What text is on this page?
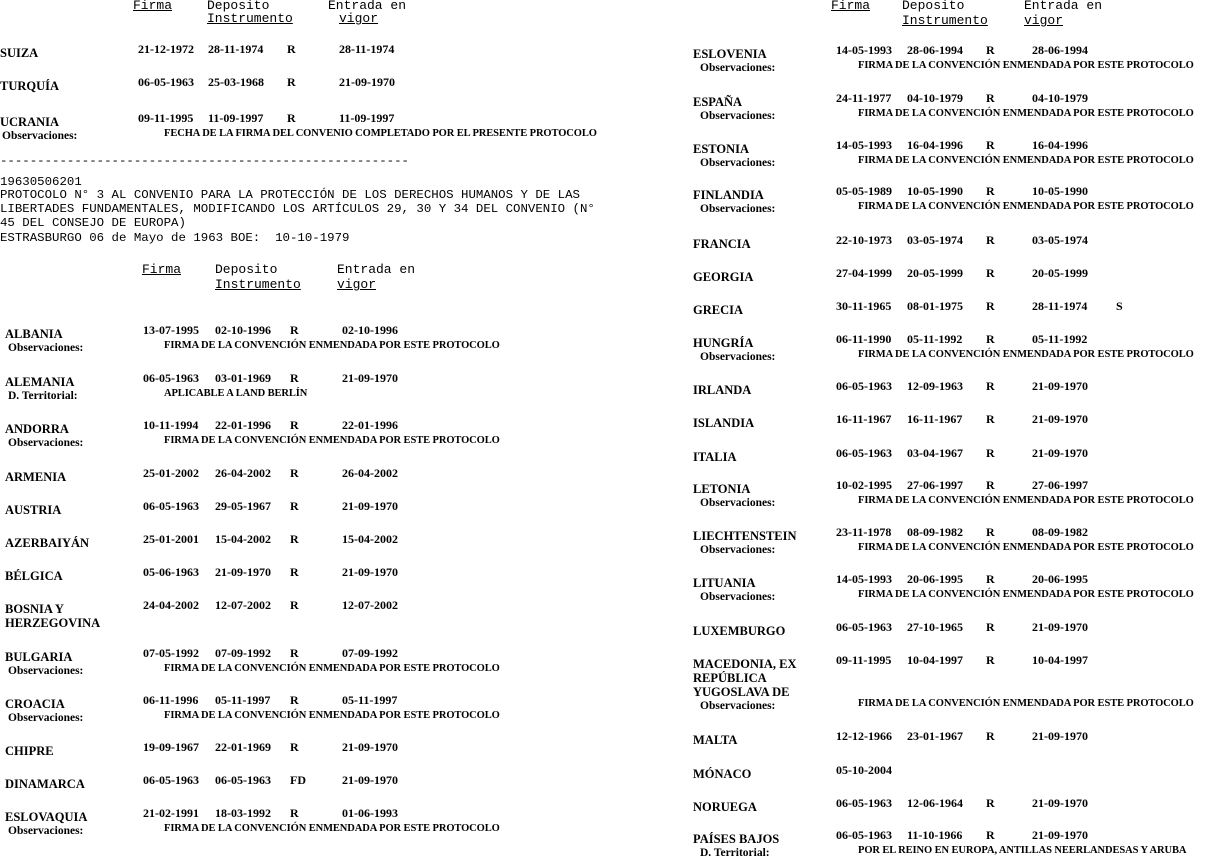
Firma	Deposito
Instrumento
Entrada en
vigor
SUIZA	21-12-1972 28-11-1974 R	28-11-1974
TURQUÍA	06-05-1963 25-03-1968 R	21-09-1970
UCRANIA	09-11-1995 11-09-1997 R	11-09-1997
Observaciones:	FECHA DE LA FIRMA DEL CONVENIO COMPLETADO POR EL PRESENTE PROTOCOLO
-------------------------------------------------------
19630506201
PROTOCOLO N° 3 AL CONVENIO PARA LA PROTECCIÓN DE LOS DERECHOS HUMANOS Y DE LAS
LIBERTADES FUNDAMENTALES, MODIFICANDO LOS ARTÍCULOS 29, 30 Y 34 DEL CONVENIO (N°
45 DEL CONSEJO DE EUROPA)
ESTRASBURGO 06 de Mayo de 1963 BOE:  10-10-1979
Firma	Deposito
Instrumento
Entrada en
vigor
ALBANIA	13-07-1995 02-10-1996 R	02-10-1996
Observaciones:	FIRMA DE LA CONVENCIÓN ENMENDADA POR ESTE PROTOCOLO
ALEMANIA	06-05-1963 03-01-1969 R	21-09-1970
D. Territorial:	APLICABLE A LAND BERLÍN
ANDORRA	10-11-1994 22-01-1996 R	22-01-1996
Observaciones:	FIRMA DE LA CONVENCIÓN ENMENDADA POR ESTE PROTOCOLO
ARMENIA	25-01-2002 26-04-2002 R	26-04-2002
AUSTRIA	06-05-1963 29-05-1967 R	21-09-1970
AZERBAIYÁN	25-01-2001 15-04-2002 R	15-04-2002
BÉLGICA	05-06-1963 21-09-1970 R	21-09-1970
BOSNIA Y
HERZEGOVINA
24-04-2002 12-07-2002 R	12-07-2002
BULGARIA	07-05-1992 07-09-1992 R	07-09-1992
Observaciones:	FIRMA DE LA CONVENCIÓN ENMENDADA POR ESTE PROTOCOLO
CROACIA	06-11-1996 05-11-1997 R	05-11-1997
Observaciones:	FIRMA DE LA CONVENCIÓN ENMENDADA POR ESTE PROTOCOLO
CHIPRE	19-09-1967 22-01-1969 R	21-09-1970
DINAMARCA	06-05-1963 06-05-1963 FD	21-09-1970
ESLOVAQUIA	21-02-1991 18-03-1992 R	01-06-1993
Observaciones:	FIRMA DE LA CONVENCIÓN ENMENDADA POR ESTE PROTOCOLO
Firma Deposito
Instrumento
Entrada en
vigor
ESLOVENIA	14-05-1993 28-06-1994 R	28-06-1994
Observaciones:	FIRMA DE LA CONVENCIÓN ENMENDADA POR ESTE PROTOCOLO
ESPAÑA	24-11-1977 04-10-1979 R	04-10-1979
Observaciones:	FIRMA DE LA CONVENCIÓN ENMENDADA POR ESTE PROTOCOLO
ESTONIA	14-05-1993 16-04-1996 R	16-04-1996
Observaciones:	FIRMA DE LA CONVENCIÓN ENMENDADA POR ESTE PROTOCOLO
FINLANDIA	05-05-1989 10-05-1990 R	10-05-1990
Observaciones:	FIRMA DE LA CONVENCIÓN ENMENDADA POR ESTE PROTOCOLO
FRANCIA	22-10-1973 03-05-1974 R	03-05-1974
GEORGIA	27-04-1999 20-05-1999 R	20-05-1999
GRECIA	30-11-1965 08-01-1975 R	28-11-1974 S
HUNGRÍA	06-11-1990 05-11-1992 R	05-11-1992
Observaciones:	FIRMA DE LA CONVENCIÓN ENMENDADA POR ESTE PROTOCOLO
IRLANDA	06-05-1963 12-09-1963 R	21-09-1970
ISLANDIA	16-11-1967 16-11-1967 R	21-09-1970
ITALIA	06-05-1963 03-04-1967 R	21-09-1970
LETONIA	10-02-1995 27-06-1997 R	27-06-1997
Observaciones:	FIRMA DE LA CONVENCIÓN ENMENDADA POR ESTE PROTOCOLO
LIECHTENSTEIN	23-11-1978 08-09-1982 R	08-09-1982
Observaciones:	FIRMA DE LA CONVENCIÓN ENMENDADA POR ESTE PROTOCOLO
LITUANIA	14-05-1993 20-06-1995 R	20-06-1995
Observaciones:	FIRMA DE LA CONVENCIÓN ENMENDADA POR ESTE PROTOCOLO
LUXEMBURGO	06-05-1963 27-10-1965 R	21-09-1970
MACEDONIA, EX
REPÚBLICA
YUGOSLAVA DE
09-11-1995 10-04-1997 R	10-04-1997
Observaciones:	FIRMA DE LA CONVENCIÓN ENMENDADA POR ESTE PROTOCOLO
MALTA	12-12-1966 23-01-1967 R	21-09-1970
MÓNACO	05-10-2004
NORUEGA	06-05-1963 12-06-1964 R	21-09-1970
PAÍSES BAJOS	06-05-1963 11-10-1966 R	21-09-1970
D. Territorial:	POR EL REINO EN EUROPA, ANTILLAS NEERLANDESAS Y ARUBA
